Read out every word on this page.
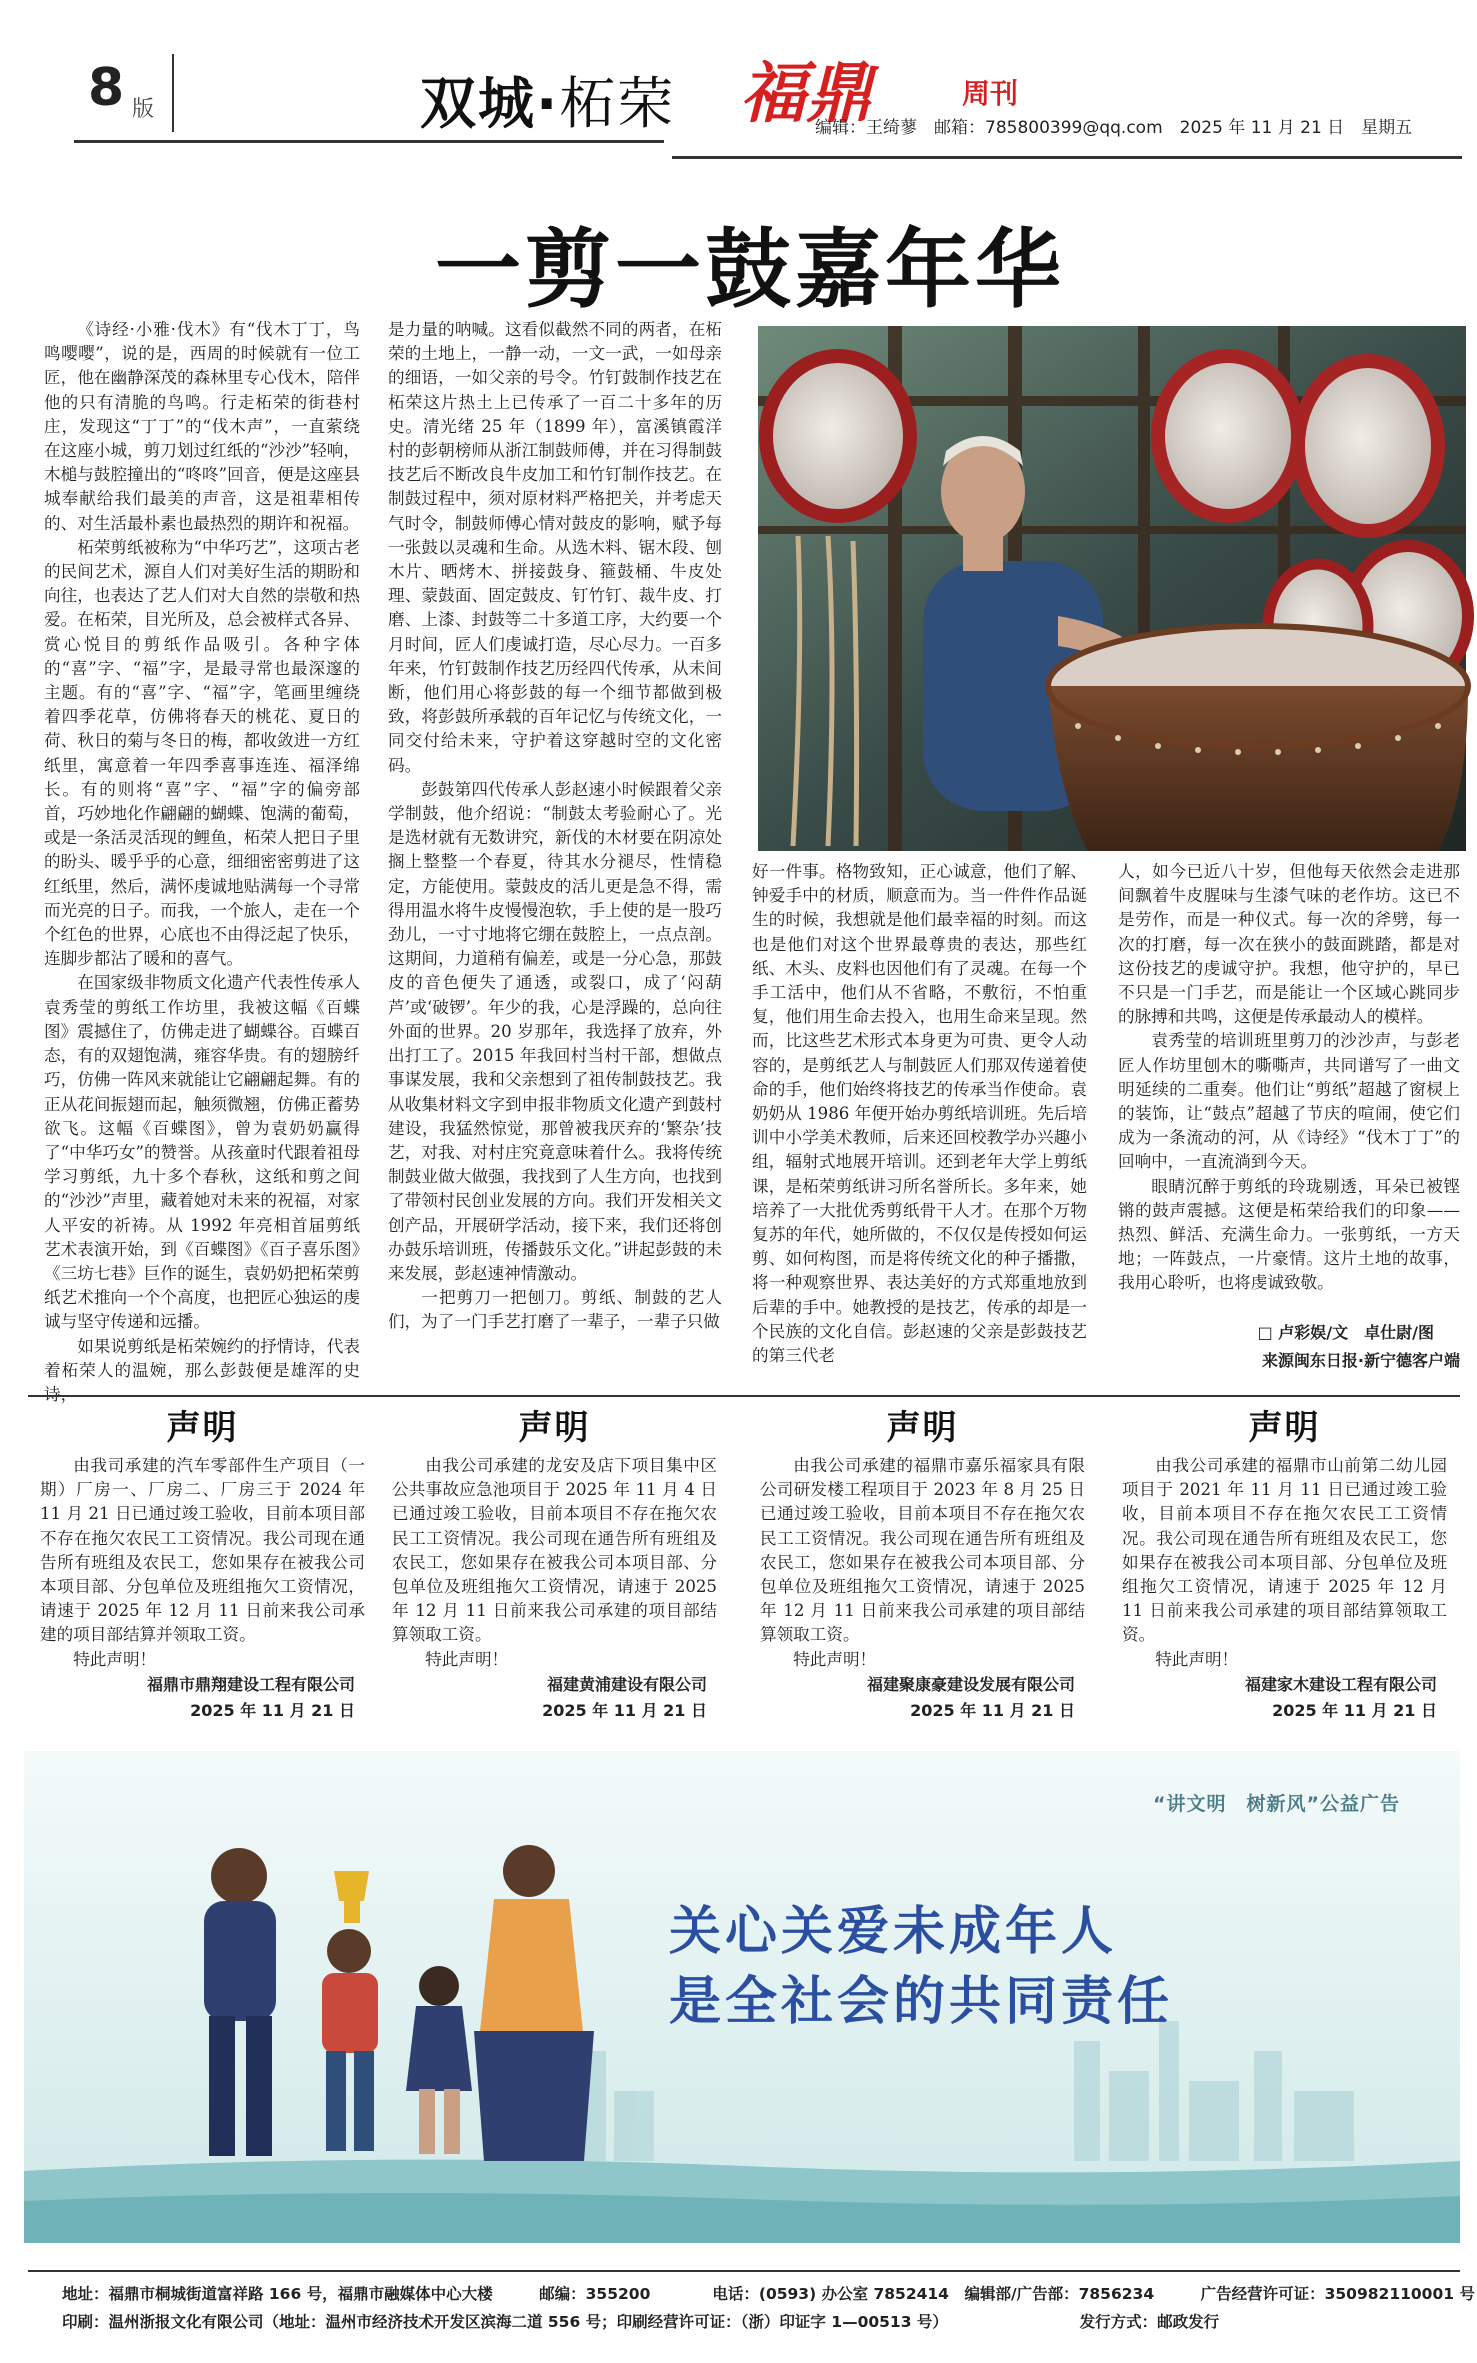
8 版	双城·柘荣 福鼎	周刊
编辑：王绮蓼　邮箱：785800399@qq.com　2025 年 11 月 21 日　星期五
一剪一鼓嘉年华

《诗经·小雅·伐木》有“伐木丁丁，鸟鸣嘤嘤”，说的是，西周的时候就有一位工匠，他在幽静深茂的森林里专心伐木，陪伴他的只有清脆的鸟鸣。行走柘荣的街巷村庄，发现这“丁丁”的“伐木声”，一直萦绕在这座小城，剪刀划过红纸的“沙沙”轻响，木槌与鼓腔撞出的“咚咚”回音，便是这座县城奉献给我们最美的声音，这是祖辈相传的、对生活最朴素也最热烈的期许和祝福。

柘荣剪纸被称为“中华巧艺”，这项古老的民间艺术，源自人们对美好生活的期盼和向往，也表达了艺人们对大自然的崇敬和热爱。在柘荣，目光所及，总会被样式各异、赏心悦目的剪纸作品吸引。各种字体的“喜”字、“福”字，是最寻常也最深邃的主题。有的“喜”字、“福”字，笔画里缠绕着四季花草，仿佛将春天的桃花、夏日的荷、秋日的菊与冬日的梅，都收敛进一方红纸里，寓意着一年四季喜事连连、福泽绵长。有的则将“喜”字、“福”字的偏旁部首，巧妙地化作翩翩的蝴蝶、饱满的葡萄，或是一条活灵活现的鲤鱼，柘荣人把日子里的盼头、暖乎乎的心意，细细密密剪进了这红纸里，然后，满怀虔诚地贴满每一个寻常而光亮的日子。而我，一个旅人，走在一个个红色的世界，心底也不由得泛起了快乐，连脚步都沾了暖和的喜气。

在国家级非物质文化遗产代表性传承人袁秀莹的剪纸工作坊里，我被这幅《百蝶图》震撼住了，仿佛走进了蝴蝶谷。百蝶百态，有的双翅饱满，雍容华贵。有的翅膀纤巧，仿佛一阵风来就能让它翩翩起舞。有的正从花间振翅而起，触须微翘，仿佛正蓄势欲飞。这幅《百蝶图》，曾为袁奶奶赢得了“中华巧女”的赞誉。从孩童时代跟着祖母学习剪纸，九十多个春秋，这纸和剪之间的“沙沙”声里，藏着她对未来的祝福，对家人平安的祈祷。从 1992 年亮相首届剪纸艺术表演开始，到《百蝶图》《百子喜乐图》《三坊七巷》巨作的诞生，袁奶奶把柘荣剪纸艺术推向一个个高度，也把匠心独运的虔诚与坚守传递和远播。

如果说剪纸是柘荣婉约的抒情诗，代表着柘荣人的温婉，那么彭鼓便是雄浑的史

是力量的呐喊。这看似截然不同的两者，在柘荣的土地上，一静一动，一文一武，一如母亲的细语，一如父亲的号令。竹钉鼓制作技艺在柘荣这片热土上已传承了一百二十多年的历史。清光绪 25 年（1899 年），富溪镇霞洋村的彭朝榜师从浙江制鼓师傅，并在习得制鼓技艺后不断改良牛皮加工和竹钉制作技艺。在制鼓过程中，须对原材料严格把关，并考虑天气时令，制鼓师傅心情对鼓皮的影响，赋予每一张鼓以灵魂和生命。从选木料、锯木段、刨木片、晒烤木、拼接鼓身、箍鼓桶、牛皮处理、蒙鼓面、固定鼓皮、钉竹钉、裁牛皮、打磨、上漆、封鼓等二十多道工序，大约要一个月时间，匠人们虔诚打造，尽心尽力。一百多年来，竹钉鼓制作技艺历经四代传承，从未间断，他们用心将彭鼓的每一个细节都做到极致，将彭鼓所承载的百年记忆与传统文化，一同交付给未来，守护着这穿越时空的文化密码。

彭鼓第四代传承人彭赵速小时候跟着父亲学制鼓，他介绍说：“制鼓太考验耐心了。光是选材就有无数讲究，新伐的木材要在阴凉处搁上整整一个春夏，待其水分褪尽，性情稳定，方能使用。蒙鼓皮的活儿更是急不得，需得用温水将牛皮慢慢泡软，手上使的是一股巧劲儿，一寸寸地将它绷在鼓腔上，一点点剖。这期间，力道稍有偏差，或是一分心急，那鼓皮的音色便失了通透，或裂口，成了‘闷葫芦’或‘破锣’。年少的我，心是浮躁的，总向往外面的世界。20 岁那年，我选择了放弃，外出打工了。2015 年我回村当村干部，想做点事谋发展，我和父亲想到了祖传制鼓技艺。我从收集材料文字到申报非物质文化遗产到鼓村建设，我猛然惊觉，那曾被我厌弃的‘繁杂’技艺，对我、对村庄究竟意味着什么。我将传统制鼓业做大做强，我找到了人生方向，也找到了带领村民创业发展的方向。我们开发相关文创产品，开展研学活动，接下来，我们还将创办鼓乐培训班，传播鼓乐文化。”讲起彭鼓的未来发展，彭赵速神情激动。

一把剪刀一把刨刀。剪纸、制鼓的艺人们，为了一门手艺打磨了一辈子，一辈子只做

好一件事。格物致知，正心诚意，他们了解、钟爱手中的材质，顺意而为。当一件件作品诞生的时候，我想就是他们最幸福的时刻。而这也是他们对这个世界最尊贵的表达，那些红纸、木头、皮料也因他们有了灵魂。在每一个手工活中，他们从不省略，不敷衍，不怕重复，他们用生命去投入，也用生命来呈现。然而，比这些艺术形式本身更为可贵、更令人动容的，是剪纸艺人与制鼓匠人们那双传递着使命的手，他们始终将技艺的传承当作使命。袁奶奶从 1986 年便开始办剪纸培训班。先后培训中小学美术教师，后来还回校教学办兴趣小组，辐射式地展开培训。还到老年大学上剪纸课，是柘荣剪纸讲习所名誉所长。多年来，她培养了一大批优秀剪纸骨干人才。在那个万物复苏的年代，她所做的，不仅仅是传授如何运剪、如何构图，而是将传统文化的种子播撒，将一种观察世界、表达美好的方式郑重地放到后辈的手中。她教授的是技艺，传承的却是一个民族的文化自信。彭赵速的父亲是彭鼓技艺的第三代老

人，如今已近八十岁，但他每天依然会走进那间飘着牛皮腥味与生漆气味的老作坊。这已不是劳作，而是一种仪式。每一次的斧劈，每一次的打磨，每一次在狭小的鼓面跳踏，都是对这份技艺的虔诚守护。我想，他守护的，早已不只是一门手艺，而是能让一个区域心跳同步的脉搏和共鸣，这便是传承最动人的模样。

袁秀莹的培训班里剪刀的沙沙声，与彭老匠人作坊里刨木的嘶嘶声，共同谱写了一曲文明延续的二重奏。他们让“剪纸”超越了窗棂上的装饰，让“鼓点”超越了节庆的喧闹，使它们成为一条流动的河，从《诗经》“伐木丁丁”的回响中，一直流淌到今天。

眼睛沉醉于剪纸的玲珑剔透，耳朵已被铿锵的鼓声震撼。这便是柘荣给我们的印象——热烈、鲜活、充满生命力。一张剪纸，一方天地；一阵鼓点，一片豪情。这片土地的故事，我用心聆听，也将虔诚致敬。

□ 卢彩娱/文　卓仕尉/图
来源闽东日报·新宁德客户端
声明
由我司承建的汽车零部件生产项目（一期）厂房一、厂房二、厂房三于 2024 年 11 月 21 日已通过竣工验收，目前本项目部不存在拖欠农民工工资情况。我公司现在通告所有班组及农民工，您如果存在被我公司本项目部、分包单位及班组拖欠工资情况，请速于 2025 年 12 月 11 日前来我公司承建的项目部结算并领取工资。
特此声明！
福鼎市鼎翔建设工程有限公司
2025 年 11 月 21 日
声明
由我公司承建的龙安及店下项目集中区公共事故应急池项目于 2025 年 11 月 4 日已通过竣工验收，目前本项目不存在拖欠农民工工资情况。我公司现在通告所有班组及农民工，您如果存在被我公司本项目部、分包单位及班组拖欠工资情况，请速于 2025 年 12 月 11 日前来我公司承建的项目部结算领取工资。
特此声明！
福建黄浦建设有限公司
2025 年 11 月 21 日
声明
由我公司承建的福鼎市嘉乐福家具有限公司研发楼工程项目于 2023 年 8 月 25 日已通过竣工验收，目前本项目不存在拖欠农民工工资情况。我公司现在通告所有班组及农民工，您如果存在被我公司本项目部、分包单位及班组拖欠工资情况，请速于 2025 年 12 月 11 日前来我公司承建的项目部结算领取工资。
特此声明！
福建聚康豪建设发展有限公司
2025 年 11 月 21 日
声明
由我公司承建的福鼎市山前第二幼儿园项目于 2021 年 11 月 11 日已通过竣工验收，目前本项目不存在拖欠农民工工资情况。我公司现在通告所有班组及农民工，您如果存在被我公司本项目部、分包单位及班组拖欠工资情况，请速于 2025 年 12 月 11 日前来我公司承建的项目部结算领取工资。
特此声明！
福建家木建设工程有限公司
2025 年 11 月 21 日
“讲文明　树新风”公益广告
关心关爱未成年人
是全社会的共同责任
地址：福鼎市桐城街道富祥路 166 号，福鼎市融媒体中心大楼　　　邮编：355200　　　　电话：(0593) 办公室 7852414　编辑部/广告部：7856234　　　广告经营许可证：350982110001 号
印刷：温州浙报文化有限公司（地址：温州市经济技术开发区滨海二道 556 号；印刷经营许可证：（浙）印证字 1—00513 号）　　　　　　　　　发行方式：邮政发行
